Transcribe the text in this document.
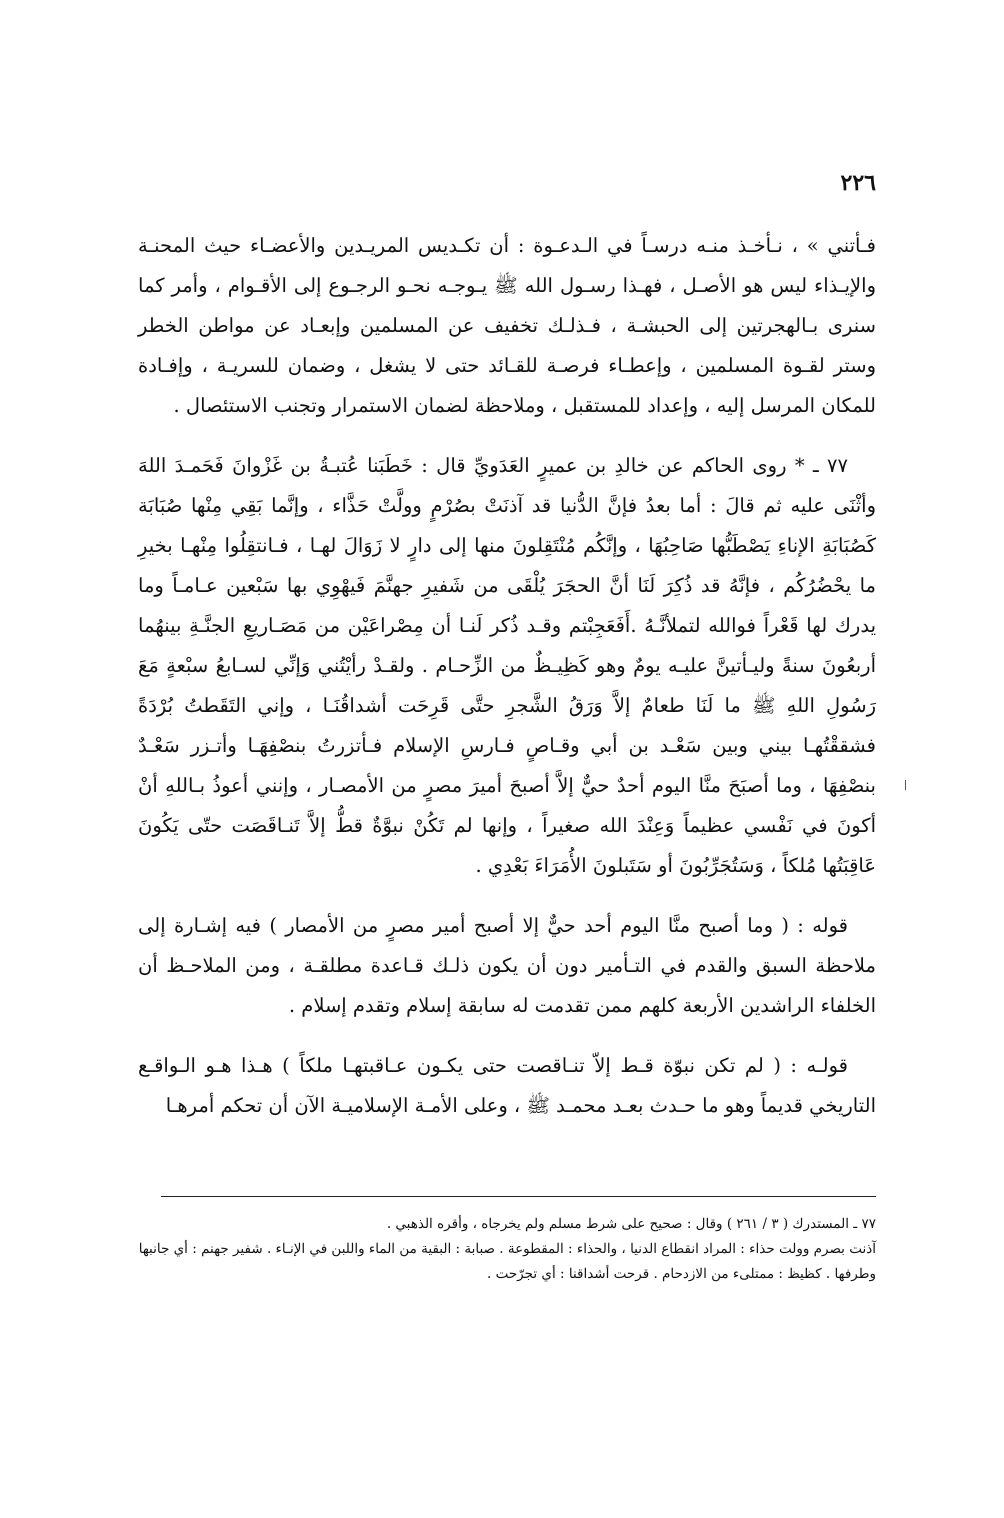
٢٢٦

فـأتني » ، نـأخـذ منـه درسـاً في الـدعـوة : أن تكـديس المريـدين والأعضـاء حيث المحنـة والإيـذاء ليس هو الأصـل ، فهـذا رسـول الله ﷺ يـوجـه نحـو الرجـوع إلى الأقـوام ، وأمر كما سنرى بـالهجرتين إلى الحبشـة ، فـذلـك تخفيف عن المسلمين وإبعـاد عن مواطن الخطر وستر لقـوة المسلمين ، وإعطـاء فرصـة للقـائد حتى لا يشغل ، وضمان للسريـة ، وإفـادة للمكان المرسل إليه ، وإعداد للمستقبل ، وملاحظة لضمان الاستمرار وتجنب الاستئصال .

٧٧ ـ * روى الحاكم عن خالدِ بن عميرٍ العَدَويِّ قال : خَطَبَنا عُتبـةُ بن غَزْوانَ فَحَمـدَ اللهَ وأثْنَى عليه ثم قالَ : أما بعدُ فإنَّ الدُّنيا قد آذنَتْ بصُرْمٍ وولَّتْ حَذَّاء ، وإنَّما بَقِي مِنْها صُبَابَة كَصُبَابَةِ الإناءِ يَصْطَبُّها صَاحِبُهَا ، وإنَّكُم مُنْتَقِلونَ منها إلى دارٍ لا زَوَالَ لهـا ، فـانتقِلُوا مِنْهـا بخيرِ ما يحْضُرُكُم ، فإنَّهُ قد ذُكِرَ لَنَا أنَّ الحجَرَ يُلْقَى من شَفيرِ جهنَّمَ فَيهْوِي بها سَبْعين عـامـاً وما يدرك لها قَعْراً فوالله لتملأنَّـهُ .أَفَعَجِبْتم وقـد ذُكر لَنـا أن مِصْراعَيْن من مَصَـاريعِ الجنَّـةِ بينهُما أربعُونَ سنةً وليـأتينَّ عليـه يومٌ وهو كَظِيـظٌ من الزِّحـام . ولقـدْ رأيْتُني وَإنِّي لسـابعُ سبْعةٍ مَعَ رَسُولِ اللهِ ﷺ ما لَنَا طعامٌ إلاَّ وَرَقُ الشَّجرِ حتَّى قَرِحَت أشداقُنَـا ، وإني التَقَطتُ بُرْدَةً فشققْتُهـا بيني وبين سَعْـد بن أبي وقـاصٍ فـارسِ الإسلام فـأتزرتُ بنصْفِهَـا وأتـزر سَعْـدٌ بنصْفِهَا ، وما أصبَحَ منَّا اليوم أحدٌ حيٌّ إلاَّ أصبحَ أميرَ مصرٍ من الأمصـار ، وإنني أعوذُ بـاللهِ أنْ أكونَ في نَفْسي عظيماً وَعِنْدَ الله صغيراً ، وإنها لم تَكُنْ نبوَّةٌ قطُّ إلاَّ تَنـاقَصَت حتّى يَكُونَ عَاقِبَتُها مُلكاً ، وَسَتُجَرِّبُونَ أو سَتَبلونَ الأُمَرَاءَ بَعْدِي .

قوله : ( وما أصبح منَّا اليوم أحد حيٌّ إلا أصبح أمير مصرٍ من الأمصار ) فيه إشـارة إلى ملاحظة السبق والقدم في التـأمير دون أن يكون ذلـك قـاعدة مطلقـة ، ومن الملاحـظ أن الخلفاء الراشدين الأربعة كلهم ممن تقدمت له سابقة إسلام وتقدم إسلام .

قولـه : ( لم تكن نبوّة قـط إلاّ تنـاقصت حتى يكـون عـاقبتهـا ملكاً ) هـذا هـو الـواقـع التاريخي قديماً وهو ما حـدث بعـد محمـد ﷺ ، وعلى الأمـة الإسلاميـة الآن أن تحكم أمرهـا

٧٧ ـ المستدرك ( ٣ / ٢٦١ ) وقال : صحيح على شرط مسلم ولم يخرجاه ، وأقره الذهبي .

آذنت بصرم وولت حذاء : المراد انقطاع الدنيا ، والحذاء : المقطوعة . صبابة : البقية من الماء واللبن في الإنـاء . شفير جهنم : أي جانبها وطرفها . كظيظ : ممتلىء من الازدحام . قرحت أشداقنا : أي تجرّحت .
